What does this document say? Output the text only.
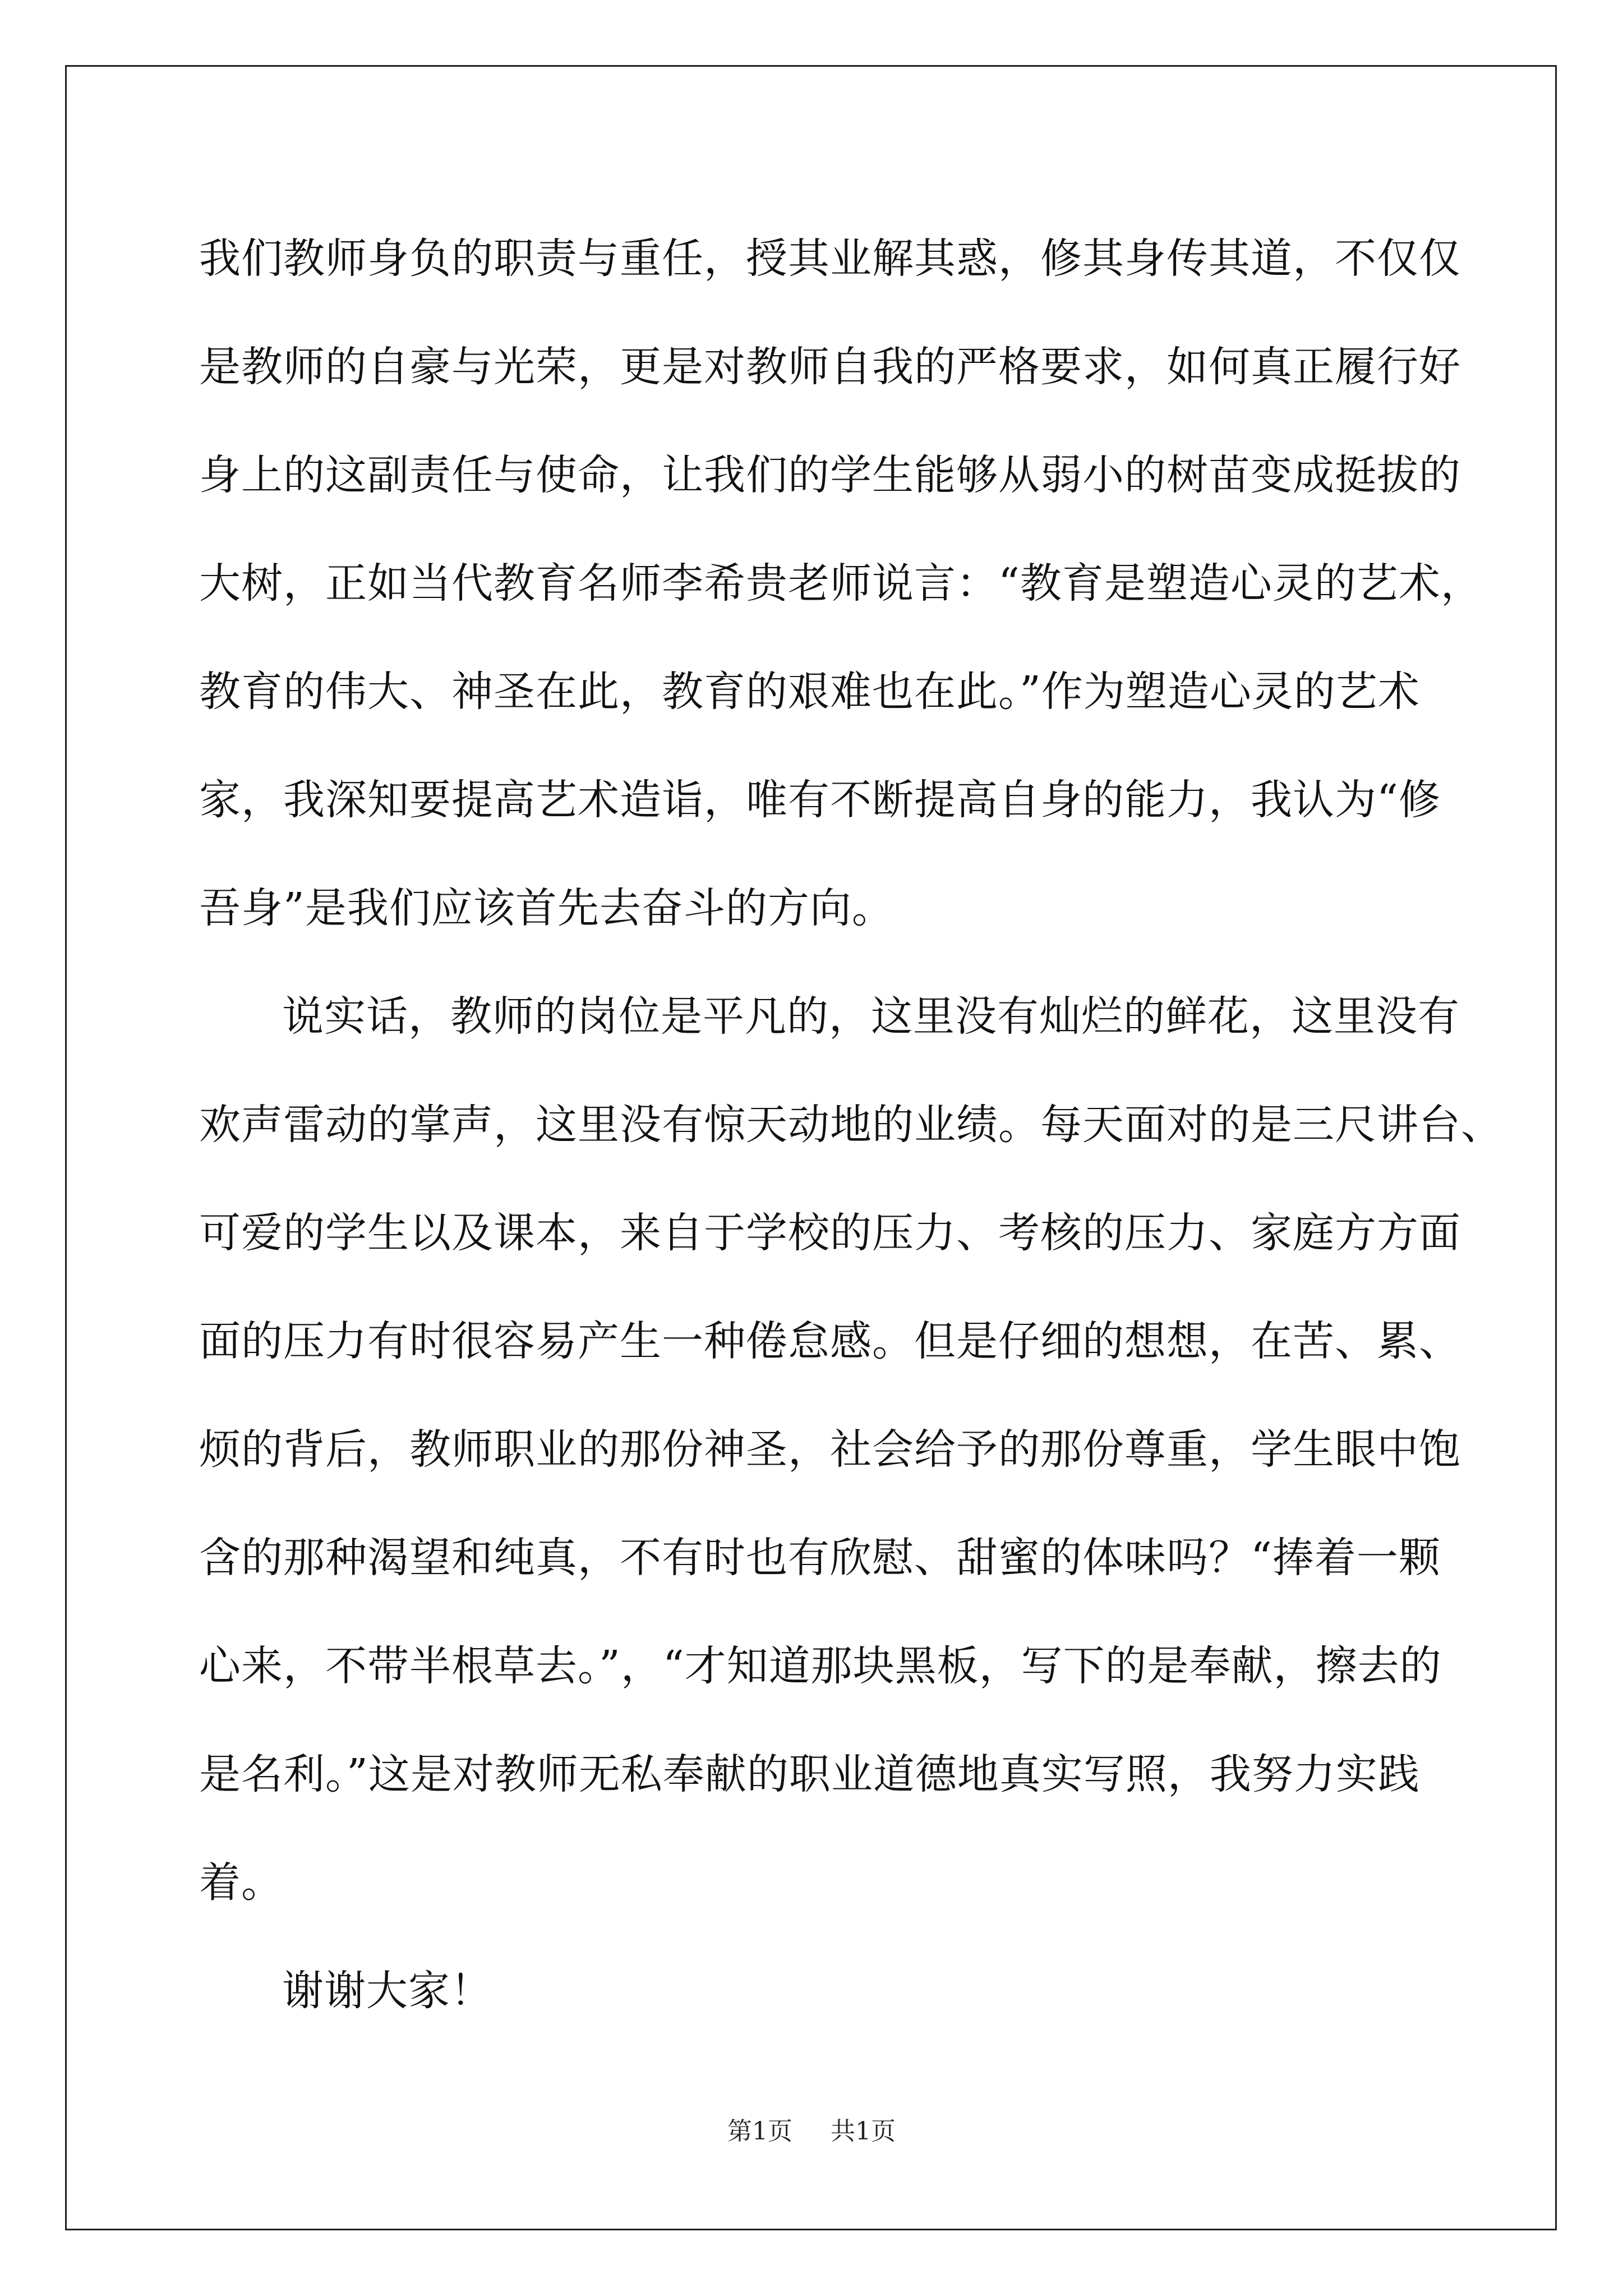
我们教师身负的职责与重任，授其业解其惑，修其身传其道，不仅仅
是教师的自豪与光荣，更是对教师自我的严格要求，如何真正履行好
身上的这副责任与使命，让我们的学生能够从弱小的树苗变成挺拔的
大树，正如当代教育名师李希贵老师说言：“教育是塑造心灵的艺术，
教育的伟大、神圣在此，教育的艰难也在此。”作为塑造心灵的艺术
家，我深知要提高艺术造诣，唯有不断提高自身的能力，我认为“修
吾身”是我们应该首先去奋斗的方向。
说实话，教师的岗位是平凡的，这里没有灿烂的鲜花，这里没有
欢声雷动的掌声，这里没有惊天动地的业绩。每天面对的是三尺讲台、
可爱的学生以及课本，来自于学校的压力、考核的压力、家庭方方面
面的压力有时很容易产生一种倦怠感。但是仔细的想想，在苦、累、
烦的背后，教师职业的那份神圣，社会给予的那份尊重，学生眼中饱
含的那种渴望和纯真，不有时也有欣慰、甜蜜的体味吗？“捧着一颗
心来，不带半根草去。”，“才知道那块黑板，写下的是奉献，擦去的
是名利。”这是对教师无私奉献的职业道德地真实写照，我努力实践
着。
谢谢大家！
第1页 共1页
